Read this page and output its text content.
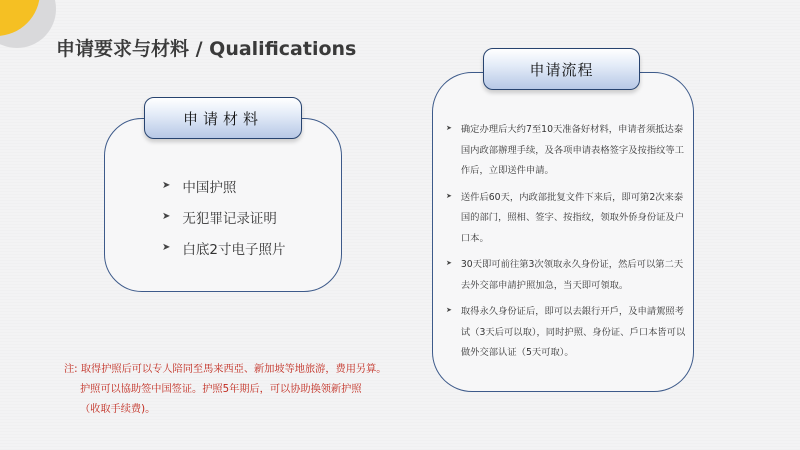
申请要求与材料 / Qualifications
申请材料
➤ 中国护照
➤ 无犯罪记录证明
➤ 白底2寸电子照片
申请流程
➤ 确定办理后大约7至10天准备好材料，申请者须抵达泰国内政部辦理手续，及各项申请表格签字及按指纹等工作后，立即送件申請。
➤ 送件后60天，内政部批复文件下来后，即可第2次来泰国的部门，照相、签字、按指纹，领取外侨身份证及户口本。
➤ 30天即可前往第3次领取永久身份证，然后可以第二天去外交部申請护照加急，当天即可領取。
➤ 取得永久身份证后，即可以去銀行开戶，及申請駕照考试（3天后可以取），同时护照、身份证、戶口本皆可以做外交部认证（5天可取）。
注: 取得护照后可以专人陪同至馬来西亞、新加坡等地旅游，费用另算。
护照可以協助签中国签证。护照5年期后，可以协助换领新护照
（收取手续费)。
